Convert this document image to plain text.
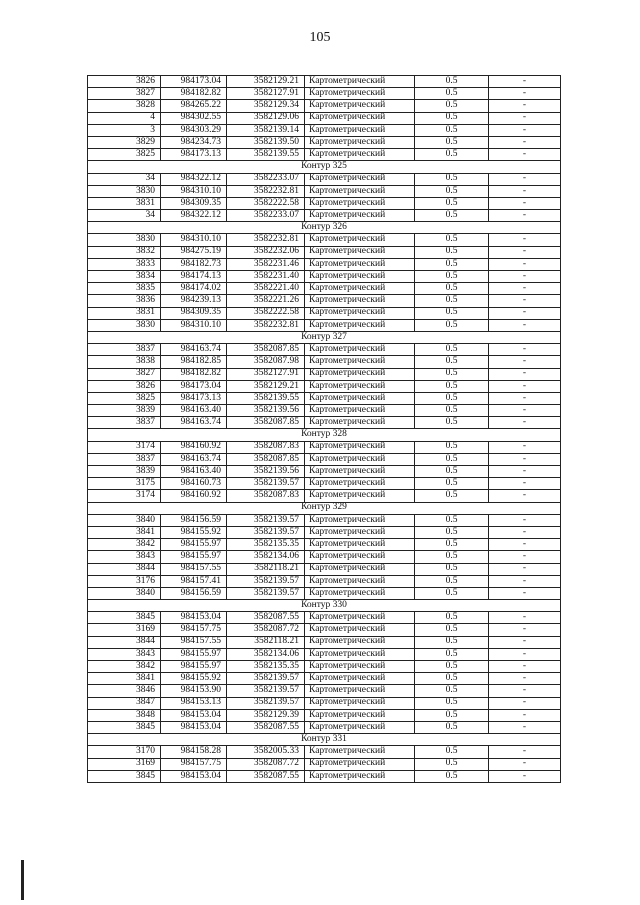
105
3826	984173.04	3582129.21	Картометрический	0.5	-
3827	984182.82	3582127.91	Картометрический	0.5	-
3828	984265.22	3582129.34	Картометрический	0.5	-
4	984302.55	3582129.06	Картометрический	0.5	-
3	984303.29	3582139.14	Картометрический	0.5	-
3829	984234.73	3582139.50	Картометрический	0.5	-
3825	984173.13	3582139.55	Картометрический	0.5	-
Контур 325					
34	984322.12	3582233.07	Картометрический	0.5	-
3830	984310.10	3582232.81	Картометрический	0.5	-
3831	984309.35	3582222.58	Картометрический	0.5	-
34	984322.12	3582233.07	Картометрический	0.5	-
Контур 326					
3830	984310.10	3582232.81	Картометрический	0.5	-
3832	984275.19	3582232.06	Картометрический	0.5	-
3833	984182.73	3582231.46	Картометрический	0.5	-
3834	984174.13	3582231.40	Картометрический	0.5	-
3835	984174.02	3582221.40	Картометрический	0.5	-
3836	984239.13	3582221.26	Картометрический	0.5	-
3831	984309.35	3582222.58	Картометрический	0.5	-
3830	984310.10	3582232.81	Картометрический	0.5	-
Контур 327					
3837	984163.74	3582087.85	Картометрический	0.5	-
3838	984182.85	3582087.98	Картометрический	0.5	-
3827	984182.82	3582127.91	Картометрический	0.5	-
3826	984173.04	3582129.21	Картометрический	0.5	-
3825	984173.13	3582139.55	Картометрический	0.5	-
3839	984163.40	3582139.56	Картометрический	0.5	-
3837	984163.74	3582087.85	Картометрический	0.5	-
Контур 328					
3174	984160.92	3582087.83	Картометрический	0.5	-
3837	984163.74	3582087.85	Картометрический	0.5	-
3839	984163.40	3582139.56	Картометрический	0.5	-
3175	984160.73	3582139.57	Картометрический	0.5	-
3174	984160.92	3582087.83	Картометрический	0.5	-
Контур 329					
3840	984156.59	3582139.57	Картометрический	0.5	-
3841	984155.92	3582139.57	Картометрический	0.5	-
3842	984155.97	3582135.35	Картометрический	0.5	-
3843	984155.97	3582134.06	Картометрический	0.5	-
3844	984157.55	3582118.21	Картометрический	0.5	-
3176	984157.41	3582139.57	Картометрический	0.5	-
3840	984156.59	3582139.57	Картометрический	0.5	-
Контур 330					
3845	984153.04	3582087.55	Картометрический	0.5	-
3169	984157.75	3582087.72	Картометрический	0.5	-
3844	984157.55	3582118.21	Картометрический	0.5	-
3843	984155.97	3582134.06	Картометрический	0.5	-
3842	984155.97	3582135.35	Картометрический	0.5	-
3841	984155.92	3582139.57	Картометрический	0.5	-
3846	984153.90	3582139.57	Картометрический	0.5	-
3847	984153.13	3582139.57	Картометрический	0.5	-
3848	984153.04	3582129.39	Картометрический	0.5	-
3845	984153.04	3582087.55	Картометрический	0.5	-
Контур 331					
3170	984158.28	3582005.33	Картометрический	0.5	-
3169	984157.75	3582087.72	Картометрический	0.5	-
3845	984153.04	3582087.55	Картометрический	0.5	-
